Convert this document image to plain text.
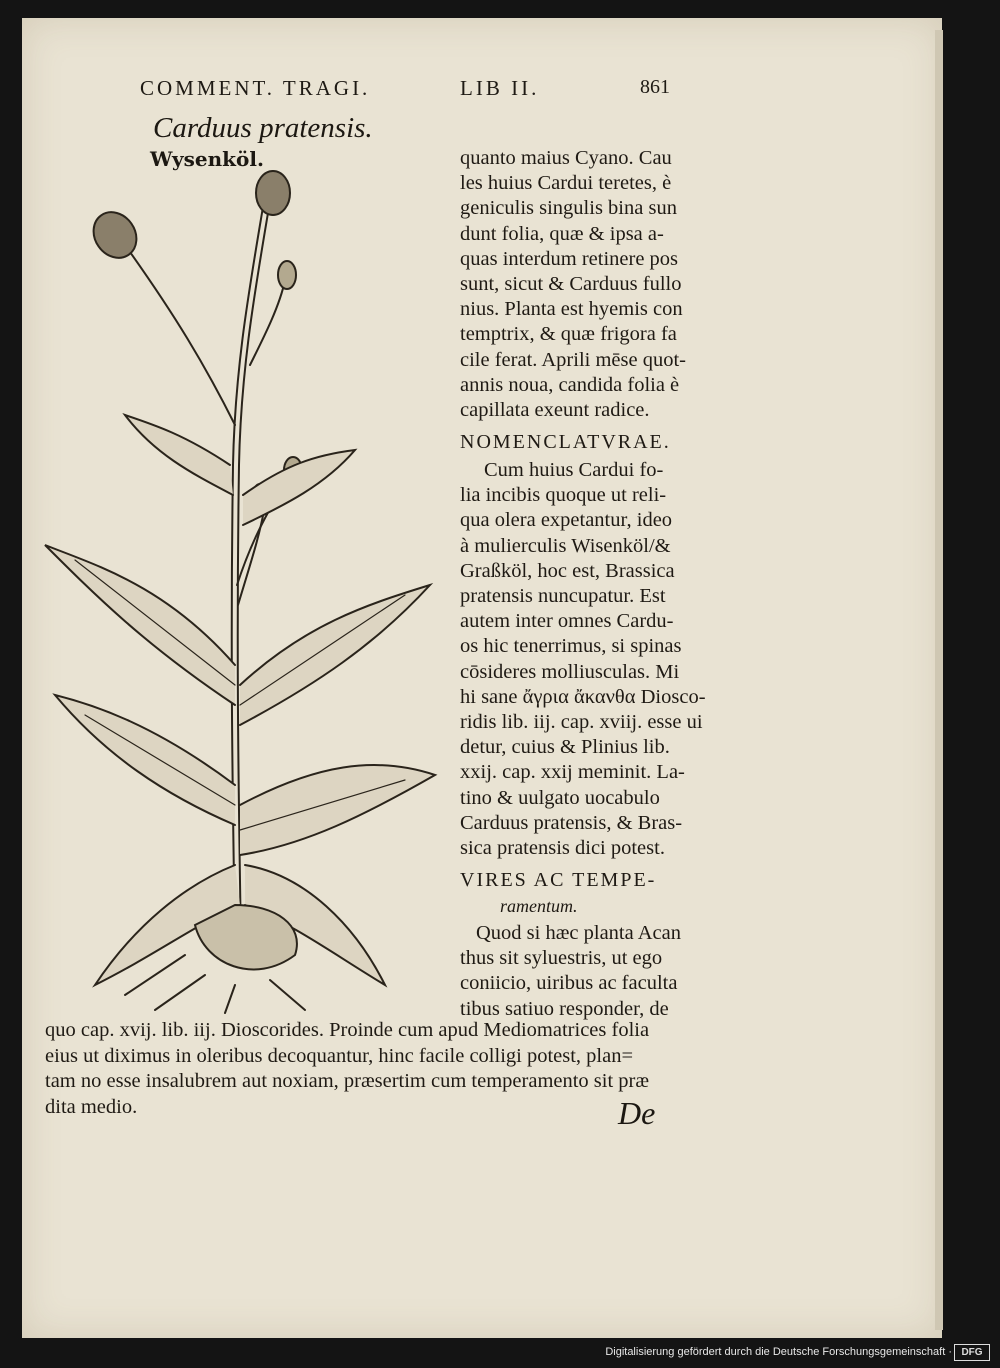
COMMENT. TRAGI.	LIB II.	861
Carduus pratensis.
Wysenköl.	quanto maius Cyano. Cau
les huius Cardui teretes, è
geniculis singulis bina sun
dunt folia, quæ & ipsa a-
quas interdum retinere pos
sunt, sicut & Carduus fullo
nius. Planta est hyemis con
temptrix, & quæ frigora fa
cile ferat. Aprili mēse quot-
annis noua, candida folia è
capillata exeunt radice.
NOMENCLATVRAE.
Cum huius Cardui fo-
lia incibis quoque ut reli-
qua olera expetantur, ideo
à mulierculis Wisenköl/&
Graßköl, hoc est, Brassica
pratensis nuncupatur. Est
autem inter omnes Cardu-
os hic tenerrimus, si spinas
cōsideres molliusculas. Mi
hi sane ἄγρια ἄκανθα Diosco-
ridis lib. iij. cap. xviij. esse ui
detur, cuius & Plinius lib.
xxij. cap. xxij meminit. La-
tino & uulgato uocabulo
Carduus pratensis, & Bras-
sica pratensis dici potest.
VIRES AC TEMPE-
ramentum.
Quod si hæc planta Acan
thus sit syluestris, ut ego
coniicio, uiribus ac faculta
tibus satiuo responder, de
quo cap. xvij. lib. iij. Dioscorides. Proinde cum apud Mediomatrices folia
eius ut diximus in oleribus decoquantur, hinc facile colligi potest, plan=
tam no esse insalubrem aut noxiam, præsertim cum temperamento sit præ
dita medio.	De
Digitalisierung gefördert durch die Deutsche Forschungsgemeinschaft · DFG
